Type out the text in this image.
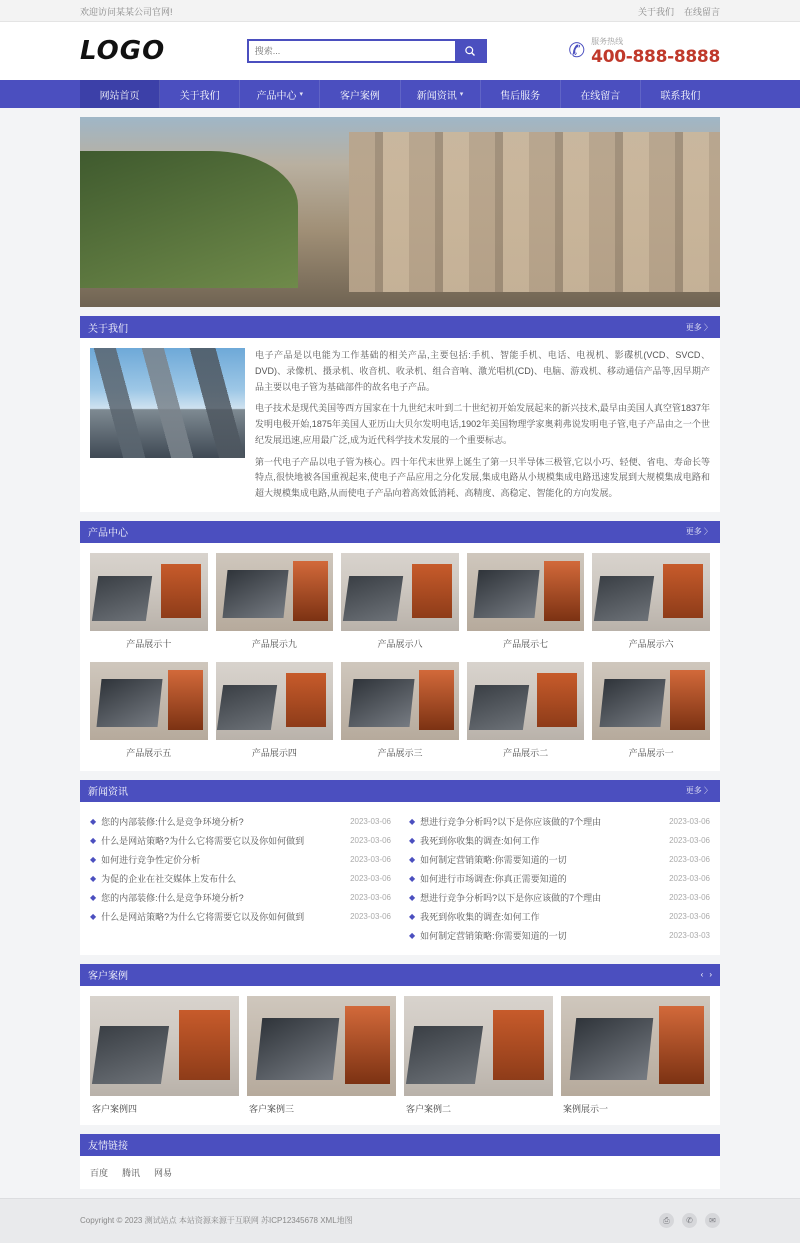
欢迎访问某某公司官网!	关于我们 在线留言
LOGO
搜索...	✆ 服务热线
400-888-8888
网站首页	关于我们	产品中心 ▾	客户案例	新闻资讯 ▾	售后服务	在线留言	联系我们
关于我们	更多 〉

电子产品是以电能为工作基础的相关产品,主要包括:手机、智能手机、电话、电视机、影碟机(VCD、SVCD、DVD)、录像机、摄录机、收音机、收录机、组合音响、激光唱机(CD)、电脑、游戏机、移动通信产品等,因早期产品主要以电子管为基础部件的故名电子产品。

电子技术是现代美国等西方国家在十九世纪末叶到二十世纪初开始发展起来的新兴技术,最早由美国人真空管1837年发明电极开始,1875年美国人亚历山大贝尔发明电话,1902年美国物理学家奥莉弗说发明电子管,电子产品由之一个世纪发展迅速,应用最广泛,成为近代科学技术发展的一个重要标志。

第一代电子产品以电子管为核心。四十年代末世界上诞生了第一只半导体三极管,它以小巧、轻便、省电、寿命长等特点,很快地被各国重视起来,使电子产品应用之分化发展,集成电路从小规模集成电路迅速发展到大规模集成电路和超大规模集成电路,从而使电子产品向着高效低消耗、高精度、高稳定、智能化的方向发展。

产品中心	更多 〉
产品展示十	产品展示九	产品展示八	产品展示七	产品展示六
产品展示五	产品展示四	产品展示三	产品展示二	产品展示一
新闻资讯	更多 〉
◆ 您的内部装修:什么是竞争环境分析?	2023-03-06
◆ 什么是网站策略?为什么它将需要它以及你如何做到	2023-03-06
◆ 如何进行竞争性定价分析	2023-03-06
◆ 为促的企业在社交媒体上发布什么	2023-03-06
◆ 您的内部装修:什么是竞争环境分析?	2023-03-06
◆ 什么是网站策略?为什么它将需要它以及你如何做到	2023-03-06
◆ 想进行竞争分析吗?以下是你应该做的7个理由	2023-03-06
◆ 我死到你收集的调查:如何工作	2023-03-06
◆ 如何制定营销策略:你需要知道的一切	2023-03-06
◆ 如何进行市场调查:你真正需要知道的	2023-03-06
◆ 想进行竞争分析吗?以下是你应该做的7个理由	2023-03-06
◆ 我死到你收集的调查:如何工作	2023-03-06
◆ 如何制定营销策略:你需要知道的一切	2023-03-03
客户案例	‹ ›
客户案例四	客户案例三	客户案例二	案例展示一
友情链接
百度 腾讯 网易
Copyright © 2023 测试站点 本站资源来源于互联网 苏ICP12345678 XML地图	⎙	✆	✉
